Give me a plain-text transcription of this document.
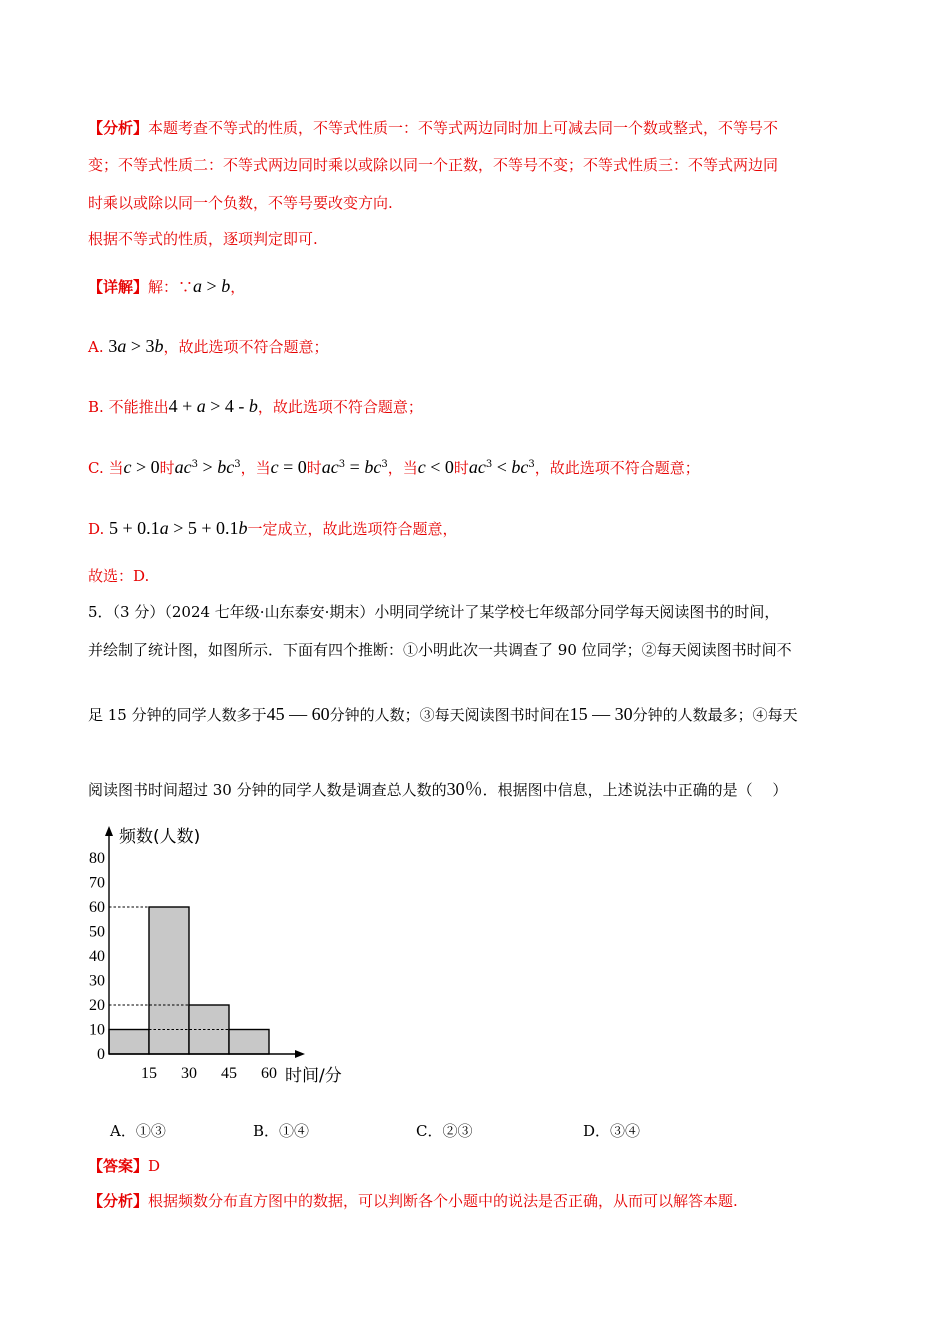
【分析】本题考查不等式的性质，不等式性质一：不等式两边同时加上可减去同一个数或整式，不等号不
变；不等式性质二：不等式两边同时乘以或除以同一个正数，不等号不变；不等式性质三：不等式两边同
时乘以或除以同一个负数，不等号要改变方向.
根据不等式的性质，逐项判定即可.
【详解】解：∵a > b，
A. 3a > 3b，故此选项不符合题意；
B. 不能推出4 + a > 4 - b，故此选项不符合题意；
C. 当c > 0时$ac^3 > bc^3$，当c = 0时$ac^3 = bc^3$，当c < 0时$ac^3 < bc^3$，故此选项不符合题意；
D. 5 + 0.1a > 5 + 0.1b一定成立，故此选项符合题意，
故选：D.
5．（3 分）（2024 七年级·山东泰安·期末）小明同学统计了某学校七年级部分同学每天阅读图书的时间，
并绘制了统计图，如图所示．下面有四个推断：①小明此次一共调查了 90 位同学；②每天阅读图书时间不
足 15 分钟的同学人数多于45 ― 60分钟的人数；③每天阅读图书时间在15 ― 30分钟的人数最多；④每天
阅读图书时间超过 30 分钟的同学人数是调查总人数的30％．根据图中信息，上述说法中正确的是（　 ）
0
10
20
30
40
50
60
70
80
15 30 45 60
频数(人数)
时间/分
A．①③	B．①④	C．②③	D．③④
【答案】D
【分析】根据频数分布直方图中的数据，可以判断各个小题中的说法是否正确，从而可以解答本题.
